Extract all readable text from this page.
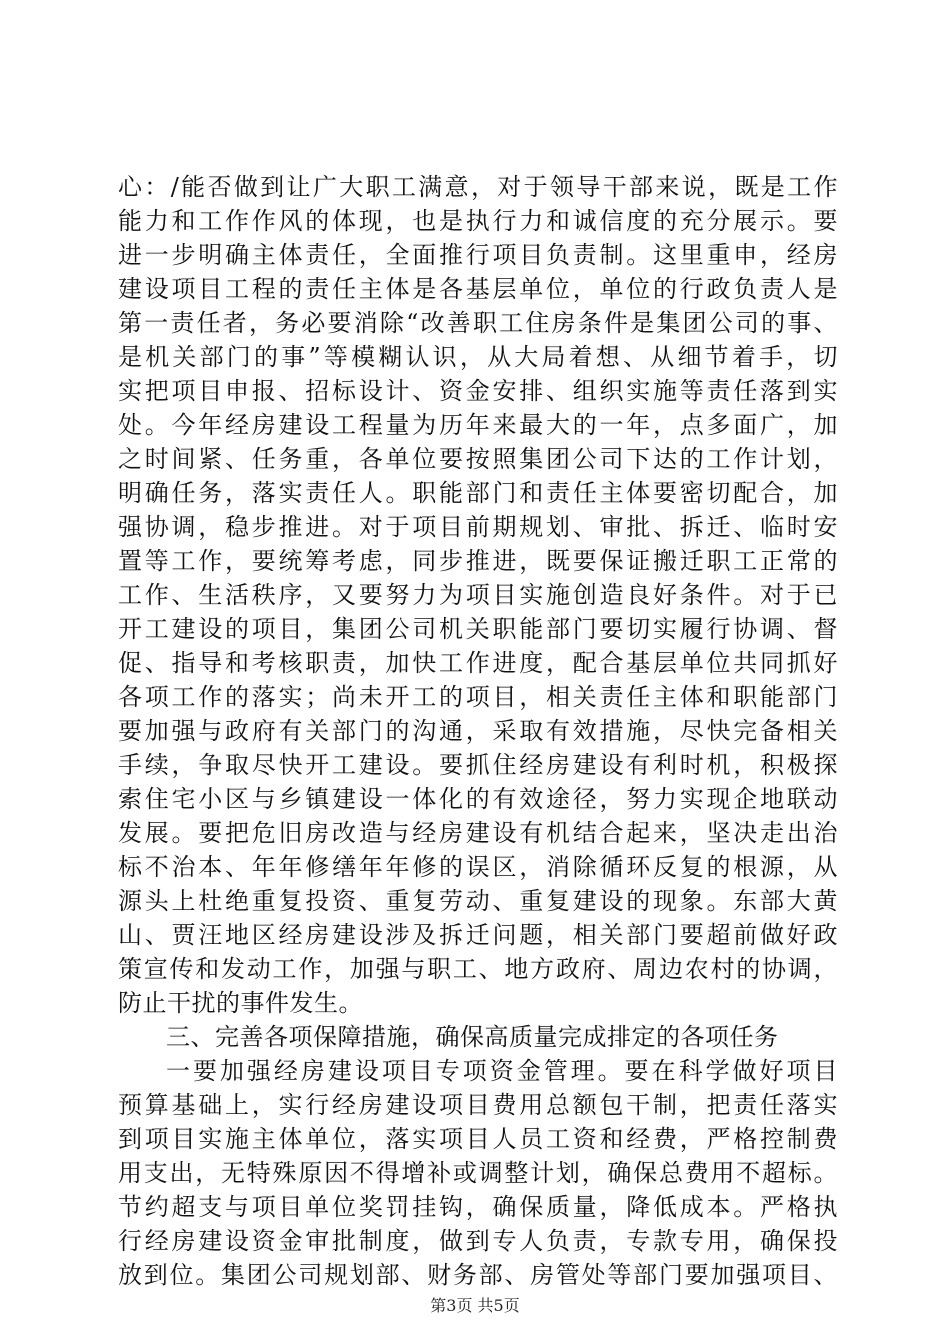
心：/能否做到让广大职工满意，对于领导干部来说，既是工作
能力和工作作风的体现，也是执行力和诚信度的充分展示。要
进一步明确主体责任，全面推行项目负责制。这里重申，经房
建设项目工程的责任主体是各基层单位，单位的行政负责人是
第一责任者，务必要消除“改善职工住房条件是集团公司的事、
是机关部门的事”等模糊认识，从大局着想、从细节着手，切
实把项目申报、招标设计、资金安排、组织实施等责任落到实
处。今年经房建设工程量为历年来最大的一年，点多面广，加
之时间紧、任务重，各单位要按照集团公司下达的工作计划，
明确任务，落实责任人。职能部门和责任主体要密切配合，加
强协调，稳步推进。对于项目前期规划、审批、拆迁、临时安
置等工作，要统筹考虑，同步推进，既要保证搬迁职工正常的
工作、生活秩序，又要努力为项目实施创造良好条件。对于已
开工建设的项目，集团公司机关职能部门要切实履行协调、督
促、指导和考核职责，加快工作进度，配合基层单位共同抓好
各项工作的落实；尚未开工的项目，相关责任主体和职能部门
要加强与政府有关部门的沟通，采取有效措施，尽快完备相关
手续，争取尽快开工建设。要抓住经房建设有利时机，积极探
索住宅小区与乡镇建设一体化的有效途径，努力实现企地联动
发展。要把危旧房改造与经房建设有机结合起来，坚决走出治
标不治本、年年修缮年年修的误区，消除循环反复的根源，从
源头上杜绝重复投资、重复劳动、重复建设的现象。东部大黄
山、贾汪地区经房建设涉及拆迁问题，相关部门要超前做好政
策宣传和发动工作，加强与职工、地方政府、周边农村的协调，
防止干扰的事件发生。
三、完善各项保障措施，确保高质量完成排定的各项任务
一要加强经房建设项目专项资金管理。要在科学做好项目
预算基础上，实行经房建设项目费用总额包干制，把责任落实
到项目实施主体单位，落实项目人员工资和经费，严格控制费
用支出，无特殊原因不得增补或调整计划，确保总费用不超标。
节约超支与项目单位奖罚挂钩，确保质量，降低成本。严格执
行经房建设资金审批制度，做到专人负责，专款专用，确保投
放到位。集团公司规划部、财务部、房管处等部门要加强项目、
第3页 共5页
